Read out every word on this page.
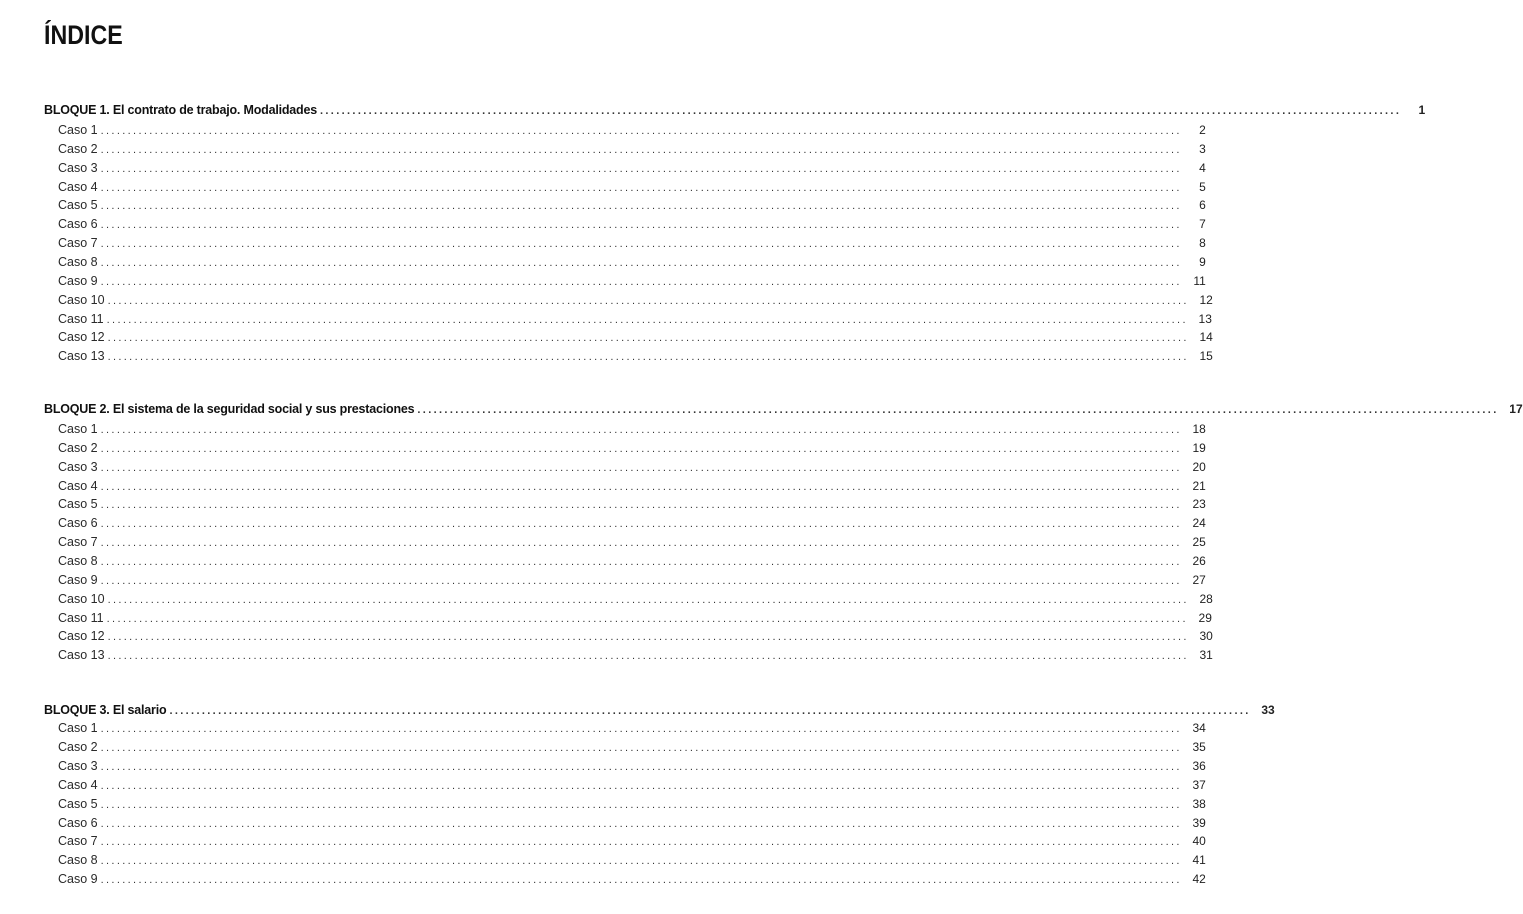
ÍNDICE
BLOQUE 1. El contrato de trabajo. Modalidades ........................................................................................................................................................................................................	1
Caso 1 ........................................................................................................................................................................................................	2
Caso 2 ........................................................................................................................................................................................................	3
Caso 3 ........................................................................................................................................................................................................	4
Caso 4 ........................................................................................................................................................................................................	5
Caso 5 ........................................................................................................................................................................................................	6
Caso 6 ........................................................................................................................................................................................................	7
Caso 7 ........................................................................................................................................................................................................	8
Caso 8 ........................................................................................................................................................................................................	9
Caso 9 ........................................................................................................................................................................................................ 11
Caso 10 ........................................................................................................................................................................................................ 12
Caso 11 ........................................................................................................................................................................................................ 13
Caso 12 ........................................................................................................................................................................................................ 14
Caso 13 ........................................................................................................................................................................................................ 15
BLOQUE 2. El sistema de la seguridad social y sus prestaciones ........................................................................................................................................................................................................ 17
Caso 1 ........................................................................................................................................................................................................ 18
Caso 2 ........................................................................................................................................................................................................ 19
Caso 3 ........................................................................................................................................................................................................ 20
Caso 4 ........................................................................................................................................................................................................ 21
Caso 5 ........................................................................................................................................................................................................ 23
Caso 6 ........................................................................................................................................................................................................ 24
Caso 7 ........................................................................................................................................................................................................ 25
Caso 8 ........................................................................................................................................................................................................ 26
Caso 9 ........................................................................................................................................................................................................ 27
Caso 10 ........................................................................................................................................................................................................ 28
Caso 11 ........................................................................................................................................................................................................ 29
Caso 12 ........................................................................................................................................................................................................ 30
Caso 13 ........................................................................................................................................................................................................ 31
BLOQUE 3. El salario ........................................................................................................................................................................................................ 33
Caso 1 ........................................................................................................................................................................................................ 34
Caso 2 ........................................................................................................................................................................................................ 35
Caso 3 ........................................................................................................................................................................................................ 36
Caso 4 ........................................................................................................................................................................................................ 37
Caso 5 ........................................................................................................................................................................................................ 38
Caso 6 ........................................................................................................................................................................................................ 39
Caso 7 ........................................................................................................................................................................................................ 40
Caso 8 ........................................................................................................................................................................................................ 41
Caso 9 ........................................................................................................................................................................................................ 42
